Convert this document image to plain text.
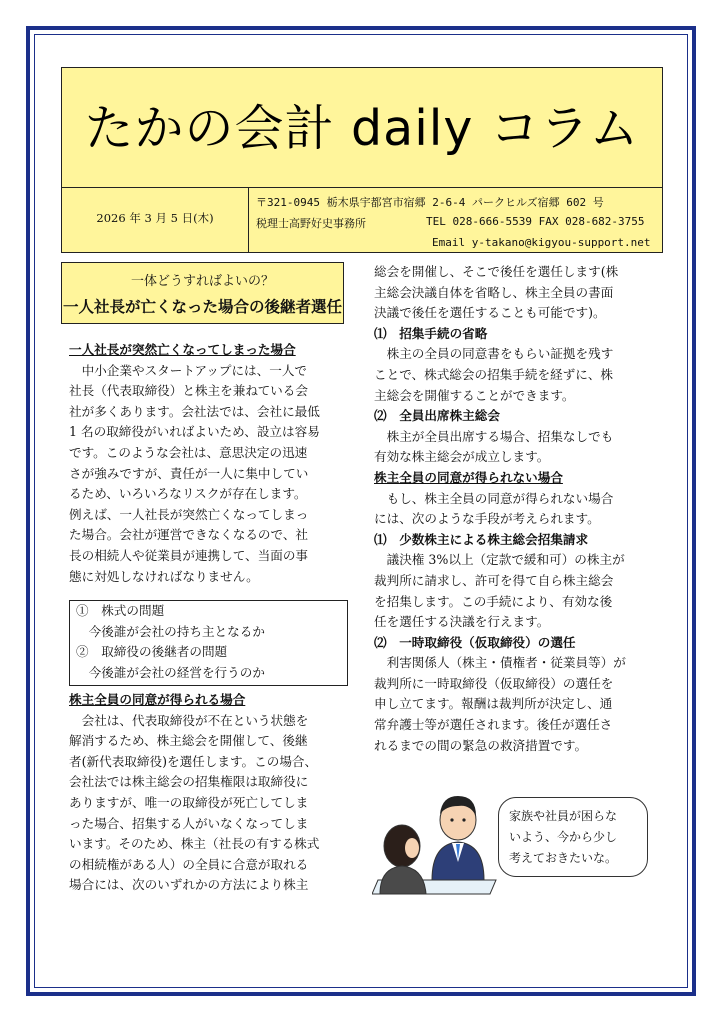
たかの会計 daily コラム
2026 年 3 月 5 日(木)
〒321-0945 栃木県宇都宮市宿郷 2-6-4 パークヒルズ宿郷 602 号
税理士高野好史事務所	TEL 028-666-5539 FAX 028-682-3755
Email y-takano@kigyou-support.net
一体どうすればよいの？
一人社長が亡くなった場合の後継者選任
一人社長が突然亡くなってしまった場合
　中小企業やスタートアップには、一人で
社長（代表取締役）と株主を兼ねている会
社が多くあります。会社法では、会社に最低
1 名の取締役がいればよいため、設立は容易
です。このような会社は、意思決定の迅速
さが強みですが、責任が一人に集中してい
るため、いろいろなリスクが存在します。
例えば、一人社長が突然亡くなってしまっ
た場合。会社が運営できなくなるので、社
長の相続人や従業員が連携して、当面の事
態に対処しなければなりません。
①　株式の問題
　今後誰が会社の持ち主となるか
②　取締役の後継者の問題
　今後誰が会社の経営を行うのか
株主全員の同意が得られる場合
　会社は、代表取締役が不在という状態を
解消するため、株主総会を開催して、後継
者(新代表取締役)を選任します。この場合、
会社法では株主総会の招集権限は取締役に
ありますが、唯一の取締役が死亡してしま
った場合、招集する人がいなくなってしま
います。そのため、株主（社長の有する株式
の相続権がある人）の全員に合意が取れる
場合には、次のいずれかの方法により株主
総会を開催し、そこで後任を選任します(株
主総会決議自体を省略し、株主全員の書面
決議で後任を選任することも可能です)。
⑴　招集手続の省略
　株主の全員の同意書をもらい証拠を残す
ことで、株式総会の招集手続を経ずに、株
主総会を開催することができます。
⑵　全員出席株主総会
　株主が全員出席する場合、招集なしでも
有効な株主総会が成立します。
株主全員の同意が得られない場合
　もし、株主全員の同意が得られない場合
には、次のような手段が考えられます。
⑴　少数株主による株主総会招集請求
　議決権 3%以上（定款で緩和可）の株主が
裁判所に請求し、許可を得て自ら株主総会
を招集します。この手続により、有効な後
任を選任する決議を行えます。
⑵　一時取締役（仮取締役）の選任
　利害関係人（株主・債権者・従業員等）が
裁判所に一時取締役（仮取締役）の選任を
申し立てます。報酬は裁判所が決定し、通
常弁護士等が選任されます。後任が選任さ
れるまでの間の緊急の救済措置です。
家族や社員が困らな
いよう、今から少し
考えておきたいな。
